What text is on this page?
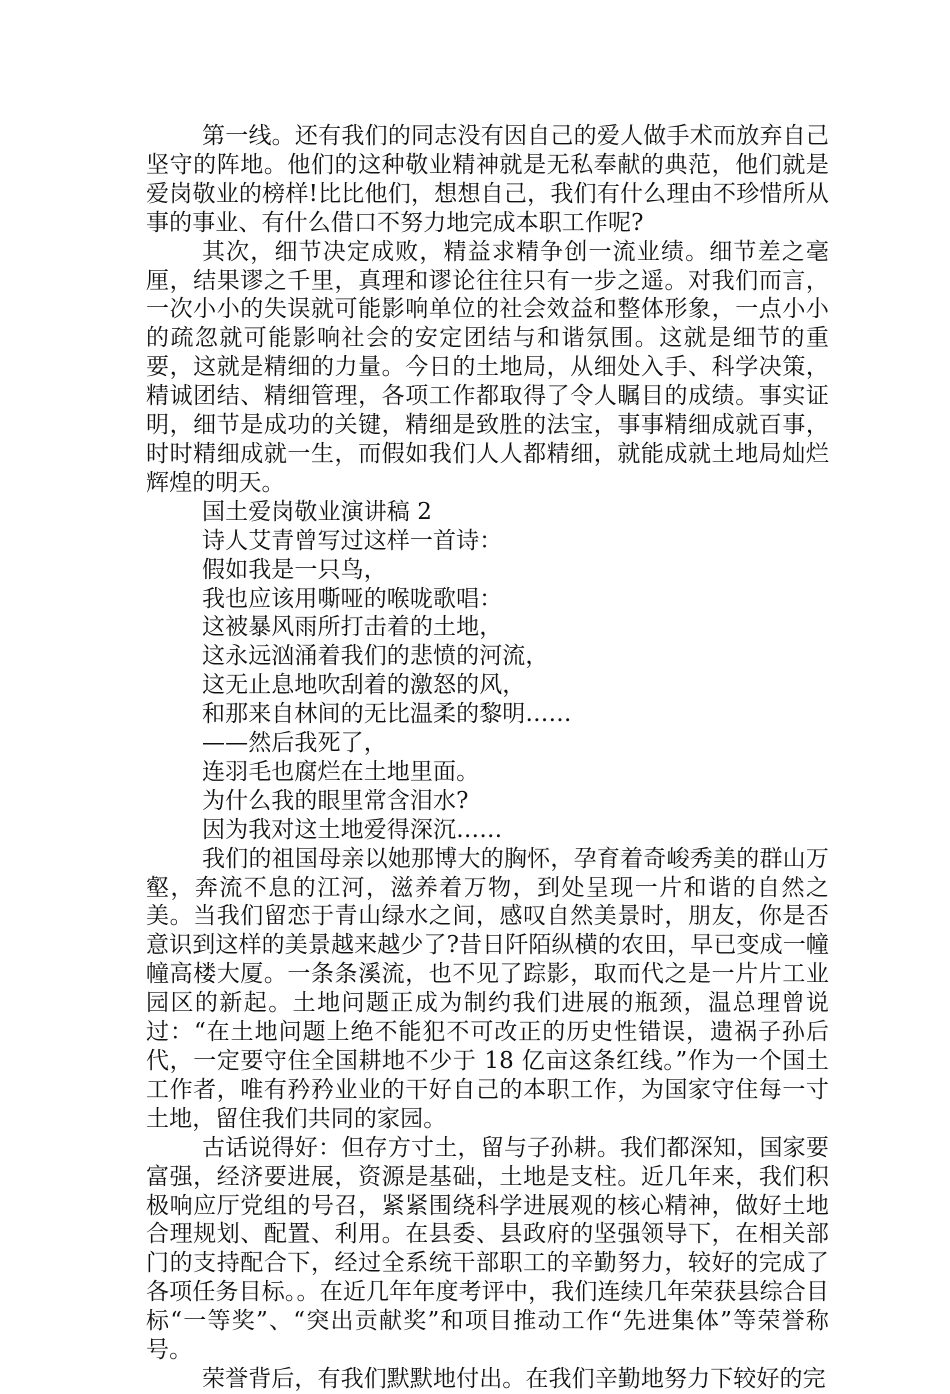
第一线。还有我们的同志没有因自己的爱人做手术而放弃自己坚守的阵地。他们的这种敬业精神就是无私奉献的典范，他们就是爱岗敬业的榜样!比比他们，想想自己，我们有什么理由不珍惜所从事的事业、有什么借口不努力地完成本职工作呢?

其次，细节决定成败，精益求精争创一流业绩。细节差之毫厘，结果谬之千里，真理和谬论往往只有一步之遥。对我们而言，一次小小的失误就可能影响单位的社会效益和整体形象，一点小小的疏忽就可能影响社会的安定团结与和谐氛围。这就是细节的重要，这就是精细的力量。今日的土地局，从细处入手、科学决策，精诚团结、精细管理，各项工作都取得了令人瞩目的成绩。事实证明，细节是成功的关键，精细是致胜的法宝，事事精细成就百事，时时精细成就一生，而假如我们人人都精细，就能成就土地局灿烂辉煌的明天。

国土爱岗敬业演讲稿 2

诗人艾青曾写过这样一首诗：

假如我是一只鸟，

我也应该用嘶哑的喉咙歌唱：

这被暴风雨所打击着的土地，

这永远汹涌着我们的悲愤的河流，

这无止息地吹刮着的激怒的风，

和那来自林间的无比温柔的黎明……

——然后我死了，

连羽毛也腐烂在土地里面。

为什么我的眼里常含泪水?

因为我对这土地爱得深沉……

我们的祖国母亲以她那博大的胸怀，孕育着奇峻秀美的群山万壑，奔流不息的江河，滋养着万物，到处呈现一片和谐的自然之美。当我们留恋于青山绿水之间，感叹自然美景时，朋友，你是否意识到这样的美景越来越少了?昔日阡陌纵横的农田，早已变成一幢幢高楼大厦。一条条溪流，也不见了踪影，取而代之是一片片工业园区的新起。土地问题正成为制约我们进展的瓶颈，温总理曾说过：“在土地问题上绝不能犯不可改正的历史性错误，遗祸子孙后代，一定要守住全国耕地不少于 18 亿亩这条红线。”作为一个国土工作者，唯有矜矜业业的干好自己的本职工作，为国家守住每一寸土地，留住我们共同的家园。

古话说得好：但存方寸土，留与子孙耕。我们都深知，国家要富强，经济要进展，资源是基础，土地是支柱。近几年来，我们积极响应厅党组的号召，紧紧围绕科学进展观的核心精神，做好土地合理规划、配置、利用。在县委、县政府的坚强领导下，在相关部门的支持配合下，经过全系统干部职工的辛勤努力，较好的完成了各项任务目标。。在近几年年度考评中，我们连续几年荣获县综合目标“一等奖”、“突出贡献奖”和项目推动工作“先进集体”等荣誉称号。

荣誉背后，有我们默默地付出。在我们辛勤地努力下较好的完
